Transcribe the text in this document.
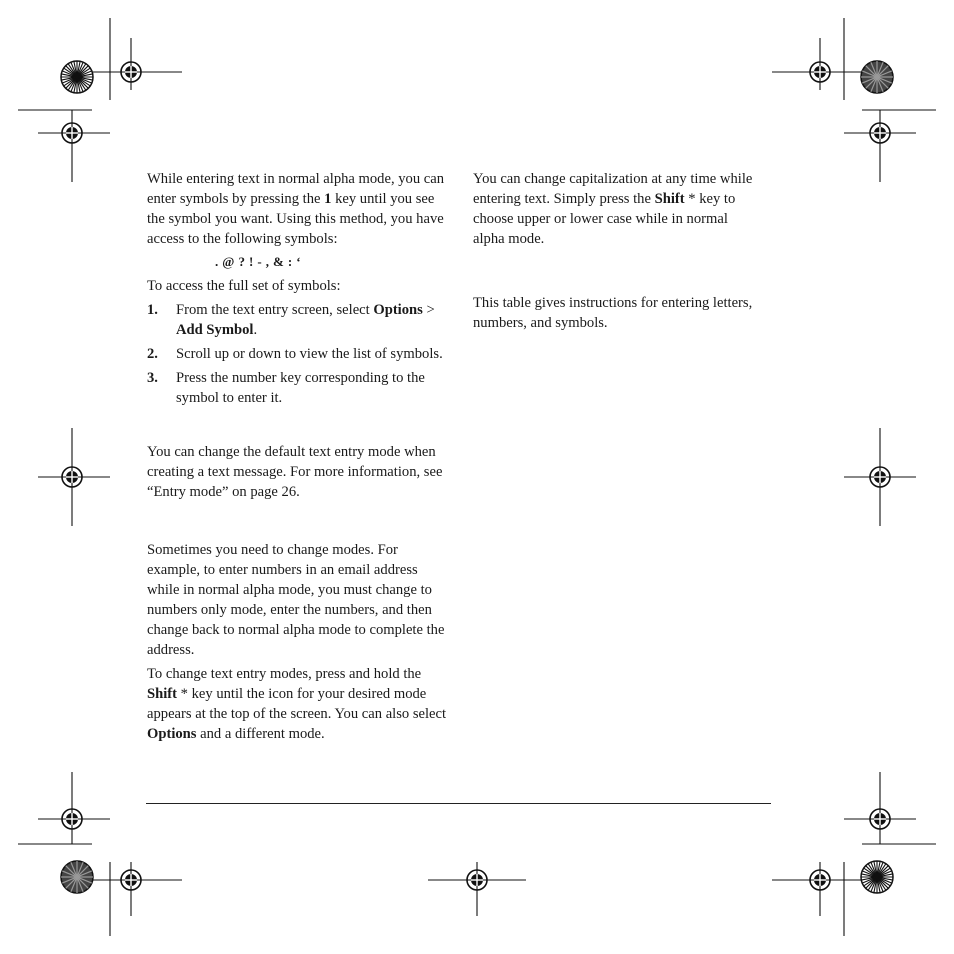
While entering text in normal alpha mode, you can enter symbols by pressing the 1 key until you see the symbol you want. Using this method, you have access to the following symbols:

. @ ? ! - , & : ‘

To access the full set of symbols:

1. From the text entry screen, select Options > Add Symbol.
2. Scroll up or down to view the list of symbols.
3. Press the number key corresponding to the symbol to enter it.

You can change the default text entry mode when creating a text message. For more information, see “Entry mode” on page 26.

Sometimes you need to change modes. For example, to enter numbers in an email address while in normal alpha mode, you must change to numbers only mode, enter the numbers, and then change back to normal alpha mode to complete the address.

To change text entry modes, press and hold the Shift * key until the icon for your desired mode appears at the top of the screen. You can also select Options and a different mode.

You can change capitalization at any time while entering text. Simply press the Shift * key to choose upper or lower case while in normal alpha mode.

This table gives instructions for entering letters, numbers, and symbols.
